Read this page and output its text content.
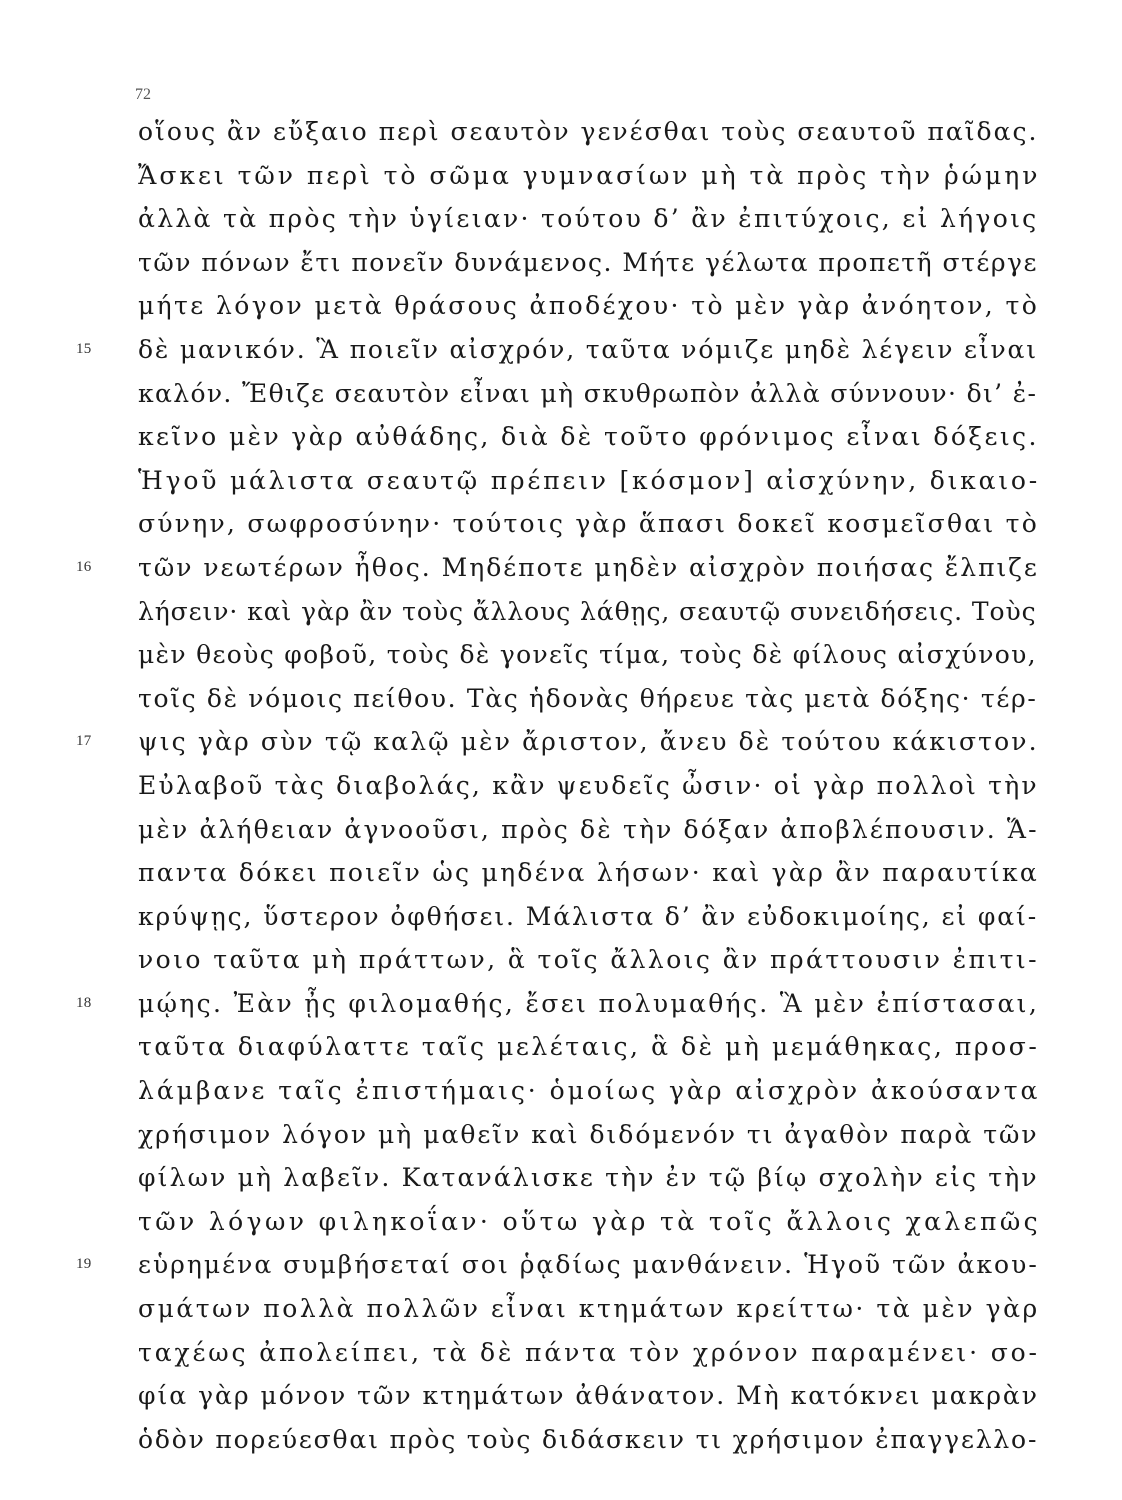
72
οἵους ἂν εὔξαιο περὶ σεαυτὸν γενέσθαι τοὺς σεαυτοῦ παῖδας.
Ἄσκει τῶν περὶ τὸ σῶμα γυμνασίων μὴ τὰ πρὸς τὴν ῥώμην
ἀλλὰ τὰ πρὸς τὴν ὑγίειαν· τούτου δ’ ἂν ἐπιτύχοις, εἰ λήγοις
τῶν πόνων ἔτι πονεῖν δυνάμενος. Μήτε γέλωτα προπετῆ στέργε
μήτε λόγον μετὰ θράσους ἀποδέχου· τὸ μὲν γὰρ ἀνόητον, τὸ
15 δὲ μανικόν. Ἃ ποιεῖν αἰσχρόν, ταῦτα νόμιζε μηδὲ λέγειν εἶναι
καλόν. Ἔθιζε σεαυτὸν εἶναι μὴ σκυθρωπὸν ἀλλὰ σύννουν· δι’ ἐ-
κεῖνο μὲν γὰρ αὐθάδης, διὰ δὲ τοῦτο φρόνιμος εἶναι δόξεις.
Ἡγοῦ μάλιστα σεαυτῷ πρέπειν [κόσμον] αἰσχύνην, δικαιο-
σύνην, σωφροσύνην· τούτοις γὰρ ἅπασι δοκεῖ κοσμεῖσθαι τὸ
16 τῶν νεωτέρων ἦθος. Μηδέποτε μηδὲν αἰσχρὸν ποιήσας ἔλπιζε
λήσειν· καὶ γὰρ ἂν τοὺς ἄλλους λάθῃς, σεαυτῷ συνειδήσεις. Τοὺς
μὲν θεοὺς φοβοῦ, τοὺς δὲ γονεῖς τίμα, τοὺς δὲ φίλους αἰσχύνου,
τοῖς δὲ νόμοις πείθου. Τὰς ἡδονὰς θήρευε τὰς μετὰ δόξης· τέρ-
17 ψις γὰρ σὺν τῷ καλῷ μὲν ἄριστον, ἄνευ δὲ τούτου κάκιστον.
Εὐλαβοῦ τὰς διαβολάς, κἂν ψευδεῖς ὦσιν· οἱ γὰρ πολλοὶ τὴν
μὲν ἀλήθειαν ἀγνοοῦσι, πρὸς δὲ τὴν δόξαν ἀποβλέπουσιν. Ἅ-
παντα δόκει ποιεῖν ὡς μηδένα λήσων· καὶ γὰρ ἂν παραυτίκα
κρύψῃς, ὕστερον ὀφθήσει. Μάλιστα δ’ ἂν εὐδοκιμοίης, εἰ φαί-
νοιο ταῦτα μὴ πράττων, ἃ τοῖς ἄλλοις ἂν πράττουσιν ἐπιτι-
18 μῴης. Ἐὰν ᾖς φιλομαθής, ἔσει πολυμαθής. Ἃ μὲν ἐπίστασαι,
ταῦτα διαφύλαττε ταῖς μελέταις, ἃ δὲ μὴ μεμάθηκας, προσ-
λάμβανε ταῖς ἐπιστήμαις· ὁμοίως γὰρ αἰσχρὸν ἀκούσαντα
χρήσιμον λόγον μὴ μαθεῖν καὶ διδόμενόν τι ἀγαθὸν παρὰ τῶν
φίλων μὴ λαβεῖν. Κατανάλισκε τὴν ἐν τῷ βίῳ σχολὴν εἰς τὴν
τῶν λόγων φιληκοΐαν· οὕτω γὰρ τὰ τοῖς ἄλλοις χαλεπῶς
19 εὑρημένα συμβήσεταί σοι ῥᾳδίως μανθάνειν. Ἡγοῦ τῶν ἀκου-
σμάτων πολλὰ πολλῶν εἶναι κτημάτων κρείττω· τὰ μὲν γὰρ
ταχέως ἀπολείπει, τὰ δὲ πάντα τὸν χρόνον παραμένει· σο-
φία γὰρ μόνον τῶν κτημάτων ἀθάνατον. Μὴ κατόκνει μακρὰν
ὁδὸν πορεύεσθαι πρὸς τοὺς διδάσκειν τι χρήσιμον ἐπαγγελλο-
